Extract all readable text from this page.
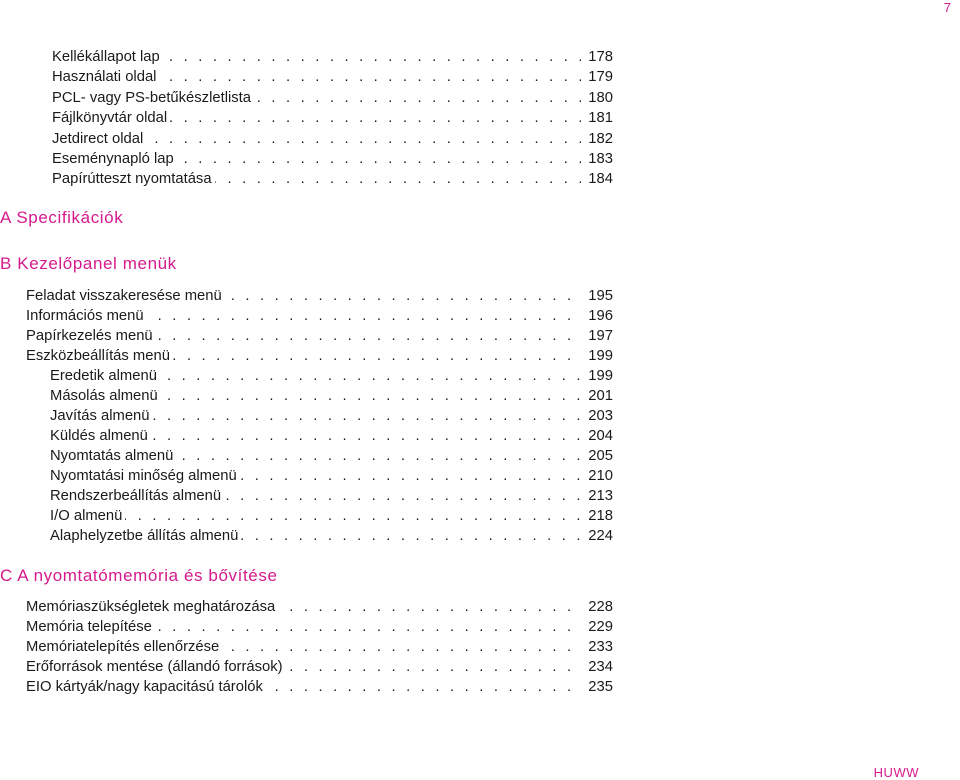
7
Kellékállapot lap . . .	178
Használati oldal . . .	179
PCL- vagy PS-betűkészletlista . . .	180
Fájlkönyvtár oldal . . .	181
Jetdirect oldal . . .	182
Eseménynapló lap . . .	183
Papírútteszt nyomtatása . . .	184
A Specifikációk
B Kezelőpanel menük
Feladat visszakeresése menü . . .	195
Információs menü . . .	196
Papírkezelés menü . . .	197
Eszközbeállítás menü . . .	199
Eredetik almenü . . .	199
Másolás almenü . . .	201
Javítás almenü . . .	203
Küldés almenü . . .	204
Nyomtatás almenü . . .	205
Nyomtatási minőség almenü . . .	210
Rendszerbeállítás almenü . . .	213
I/O almenü . . .	218
Alaphelyzetbe állítás almenü . . .	224
C A nyomtatómemória és bővítése
Memóriaszükségletek meghatározása . . .	228
Memória telepítése . . .	229
Memóriatelepítés ellenőrzése . . .	233
Erőforrások mentése (állandó források) . . .	234
EIO kártyák/nagy kapacitású tárolók . . .	235
HUWW
